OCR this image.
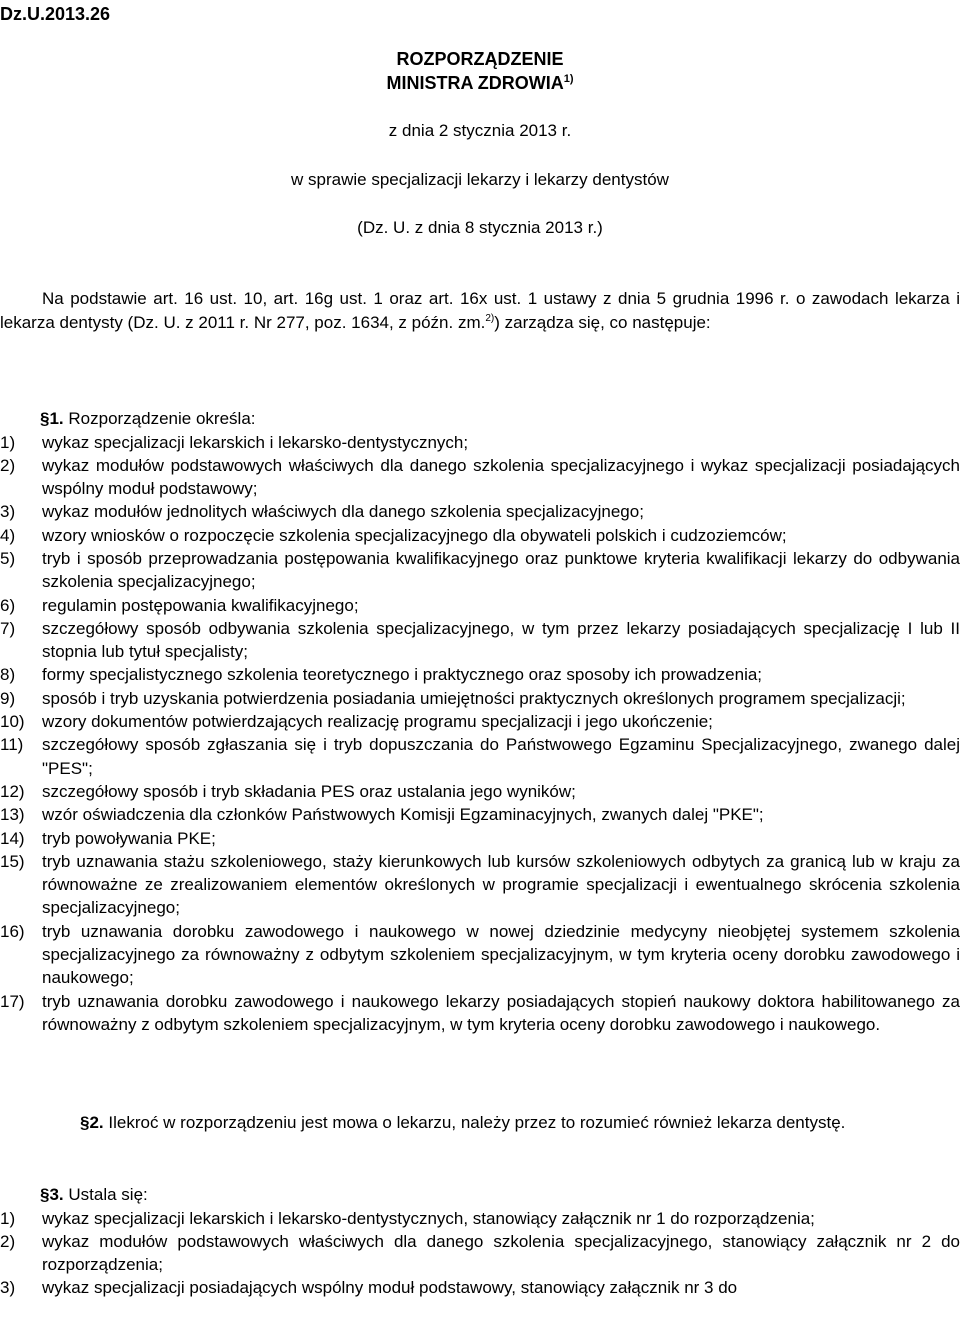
Dz.U.2013.26
ROZPORZĄDZENIE
MINISTRA ZDROWIA$^{1)}$
z dnia 2 stycznia 2013 r.
w sprawie specjalizacji lekarzy i lekarzy dentystów
(Dz. U. z dnia 8 stycznia 2013 r.)
Na podstawie art. 16 ust. 10, art. 16g ust. 1 oraz art. 16x ust. 1 ustawy z dnia 5 grudnia 1996 r. o zawodach lekarza i lekarza dentysty (Dz. U. z 2011 r. Nr 277, poz. 1634, z późn. zm.$^{2)}$) zarządza się, co następuje:
§1. Rozporządzenie określa:
1) wykaz specjalizacji lekarskich i lekarsko-dentystycznych;
2) wykaz modułów podstawowych właściwych dla danego szkolenia specjalizacyjnego i wykaz specjalizacji posiadających wspólny moduł podstawowy;
3) wykaz modułów jednolitych właściwych dla danego szkolenia specjalizacyjnego;
4) wzory wniosków o rozpoczęcie szkolenia specjalizacyjnego dla obywateli polskich i cudzoziemców;
5) tryb i sposób przeprowadzania postępowania kwalifikacyjnego oraz punktowe kryteria kwalifikacji lekarzy do odbywania szkolenia specjalizacyjnego;
6) regulamin postępowania kwalifikacyjnego;
7) szczegółowy sposób odbywania szkolenia specjalizacyjnego, w tym przez lekarzy posiadających specjalizację I lub II stopnia lub tytuł specjalisty;
8) formy specjalistycznego szkolenia teoretycznego i praktycznego oraz sposoby ich prowadzenia;
9) sposób i tryb uzyskania potwierdzenia posiadania umiejętności praktycznych określonych programem specjalizacji;
10) wzory dokumentów potwierdzających realizację programu specjalizacji i jego ukończenie;
11) szczegółowy sposób zgłaszania się i tryb dopuszczania do Państwowego Egzaminu Specjalizacyjnego, zwanego dalej "PES";
12) szczegółowy sposób i tryb składania PES oraz ustalania jego wyników;
13) wzór oświadczenia dla członków Państwowych Komisji Egzaminacyjnych, zwanych dalej "PKE";
14) tryb powoływania PKE;
15) tryb uznawania stażu szkoleniowego, staży kierunkowych lub kursów szkoleniowych odbytych za granicą lub w kraju za równoważne ze zrealizowaniem elementów określonych w programie specjalizacji i ewentualnego skrócenia szkolenia specjalizacyjnego;
16) tryb uznawania dorobku zawodowego i naukowego w nowej dziedzinie medycyny nieobjętej systemem szkolenia specjalizacyjnego za równoważny z odbytym szkoleniem specjalizacyjnym, w tym kryteria oceny dorobku zawodowego i naukowego;
17) tryb uznawania dorobku zawodowego i naukowego lekarzy posiadających stopień naukowy doktora habilitowanego za równoważny z odbytym szkoleniem specjalizacyjnym, w tym kryteria oceny dorobku zawodowego i naukowego.
§2. Ilekroć w rozporządzeniu jest mowa o lekarzu, należy przez to rozumieć również lekarza dentystę.
§3. Ustala się:
1) wykaz specjalizacji lekarskich i lekarsko-dentystycznych, stanowiący załącznik nr 1 do rozporządzenia;
2) wykaz modułów podstawowych właściwych dla danego szkolenia specjalizacyjnego, stanowiący załącznik nr 2 do rozporządzenia;
3) wykaz specjalizacji posiadających wspólny moduł podstawowy, stanowiący załącznik nr 3 do
